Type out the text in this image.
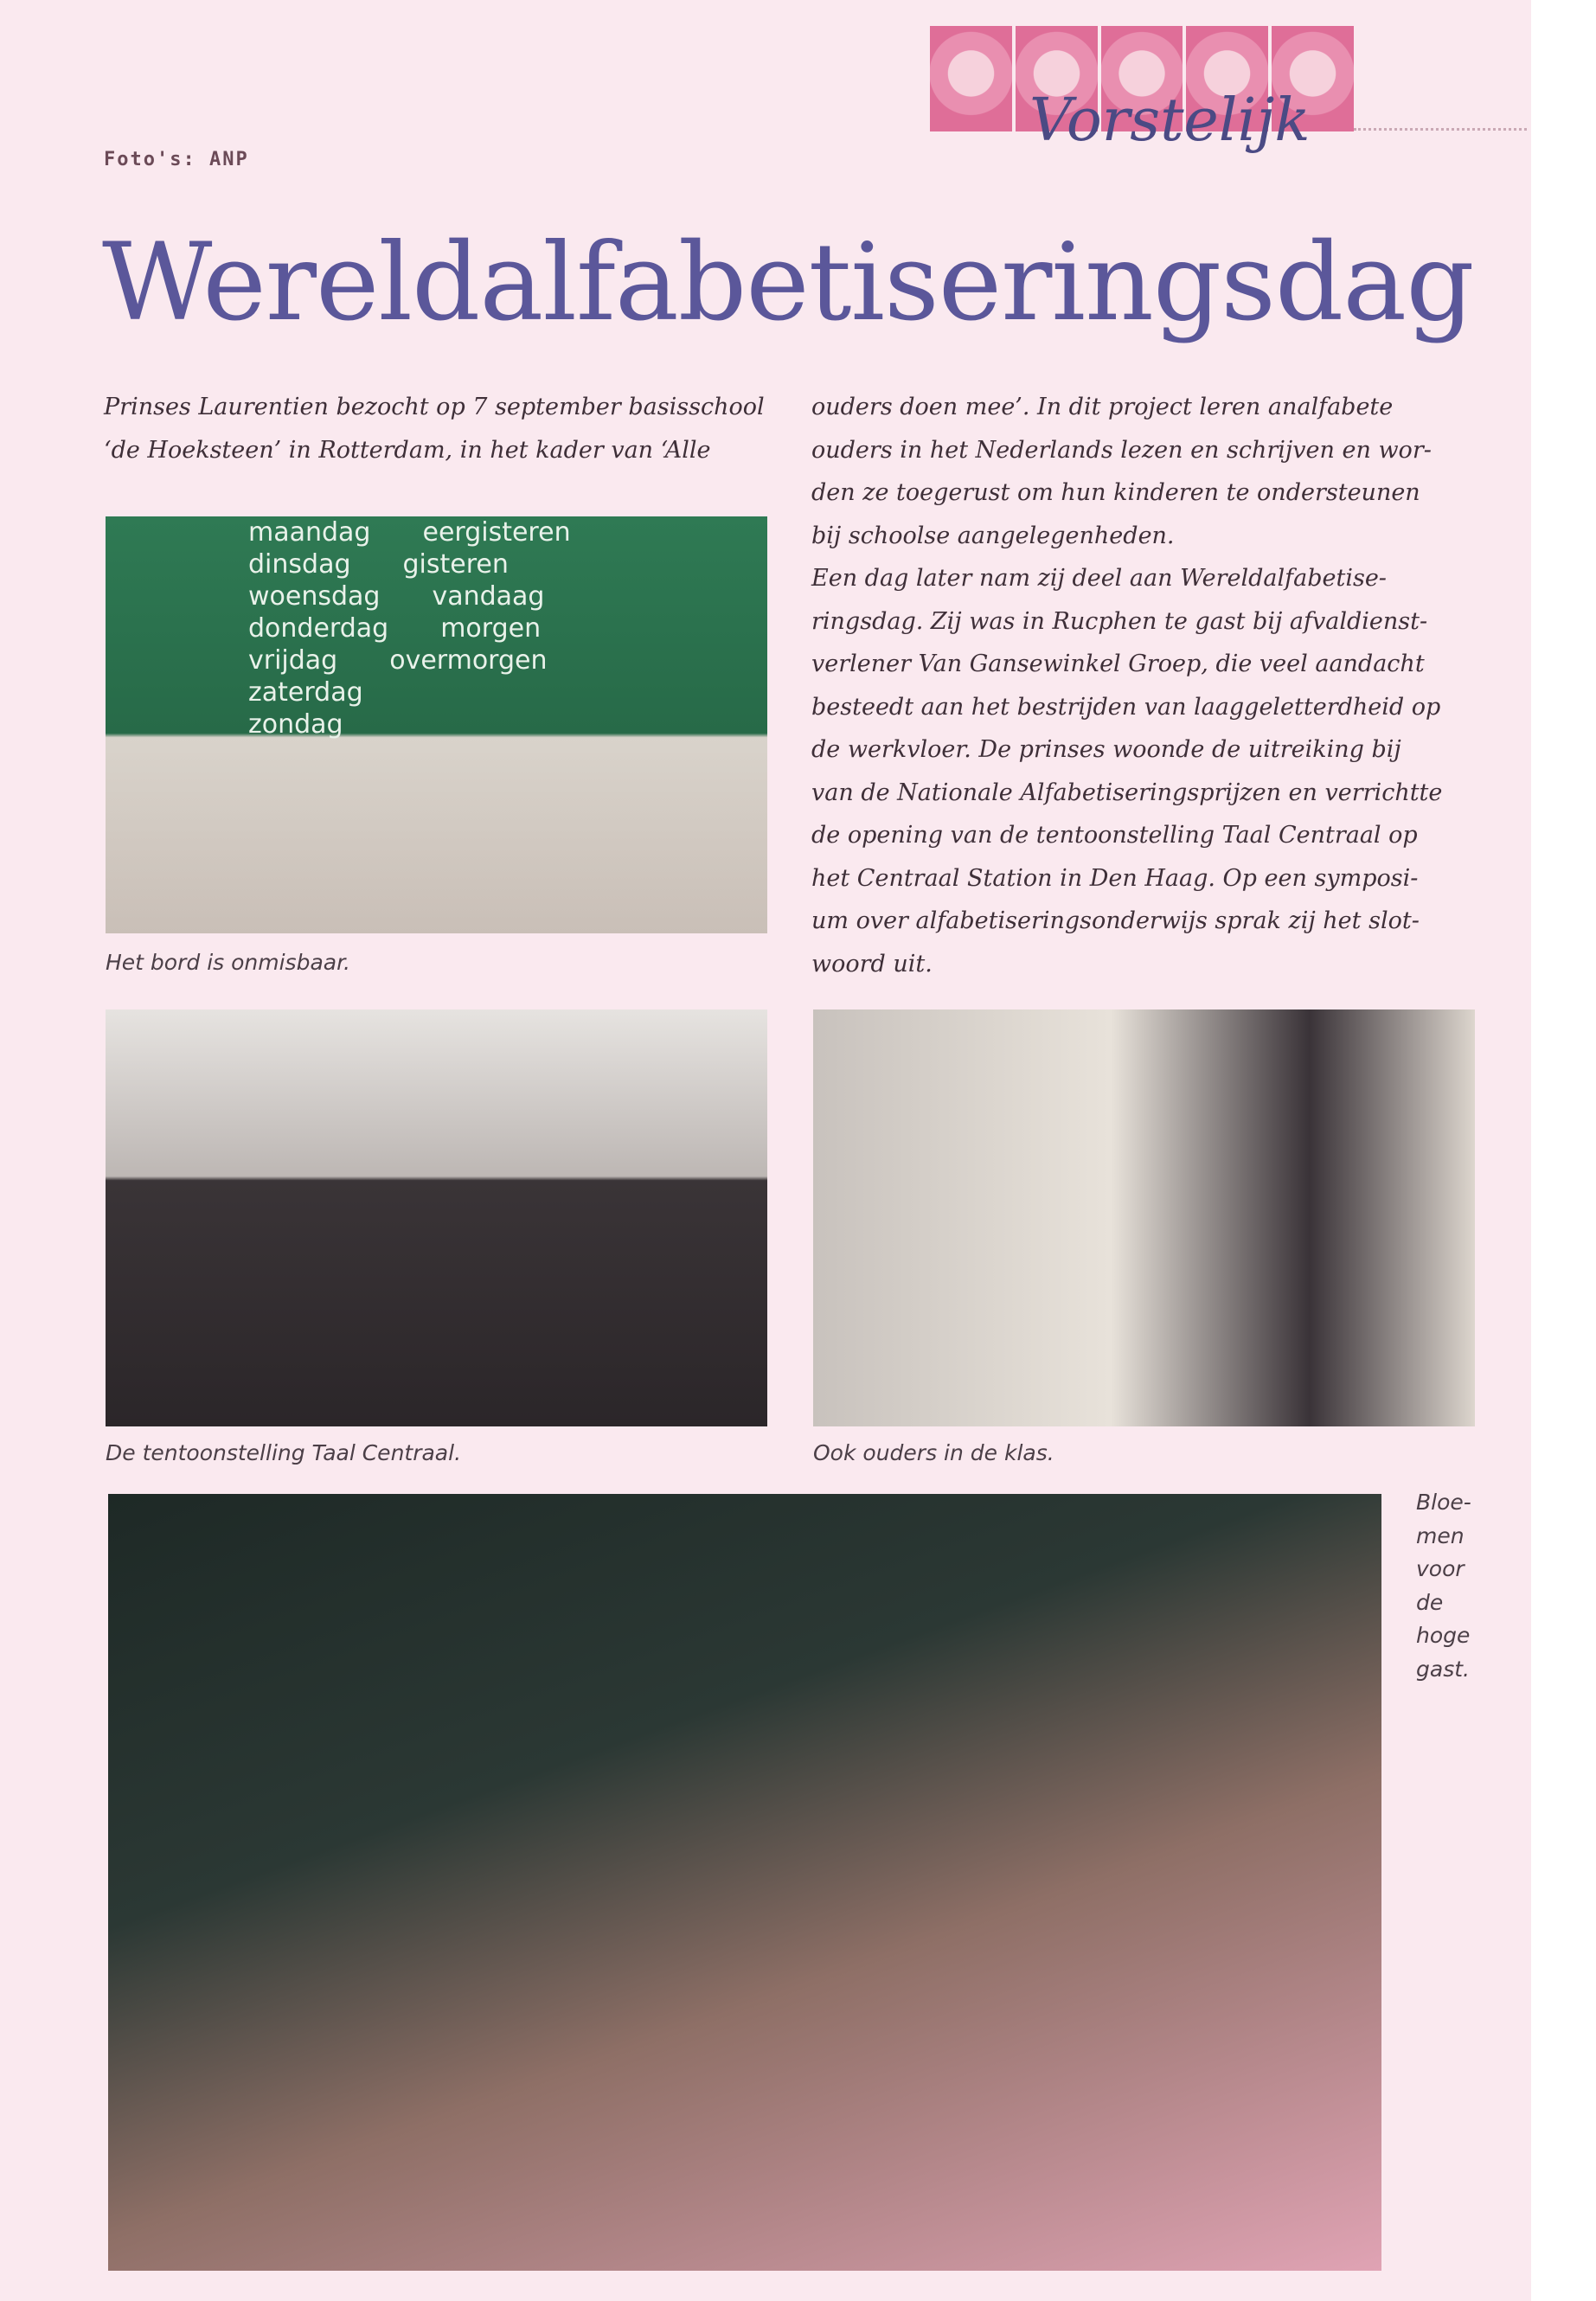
Foto's: ANP
Vorstelijk
Wereldalfabetiseringsdag
Prinses Laurentien bezocht op 7 september basisschool
‘de Hoeksteen’ in Rotterdam, in het kader van ‘Alle
ouders doen mee’. In dit project leren analfabete
ouders in het Nederlands lezen en schrijven en wor-
den ze toegerust om hun kinderen te ondersteunen
bij schoolse aangelegenheden.
Een dag later nam zij deel aan Wereldalfabetise-
ringsdag. Zij was in Rucphen te gast bij afvaldienst-
verlener Van Gansewinkel Groep, die veel aandacht
besteedt aan het bestrijden van laaggeletterdheid op
de werkvloer. De prinses woonde de uitreiking bij
van de Nationale Alfabetiseringsprijzen en verrichtte
de opening van de tentoonstelling Taal Centraal op
het Centraal Station in Den Haag. Op een symposi-
um over alfabetiseringsonderwijs sprak zij het slot-
woord uit.
maandag eergisteren
dinsdag gisteren
woensdag vandaag
donderdag morgen
vrijdag overmorgen
zaterdag
zondag
Het bord is onmisbaar.
De tentoonstelling Taal Centraal.	Ook ouders in de klas.
Bloe-
men
voor
de
hoge
gast.
